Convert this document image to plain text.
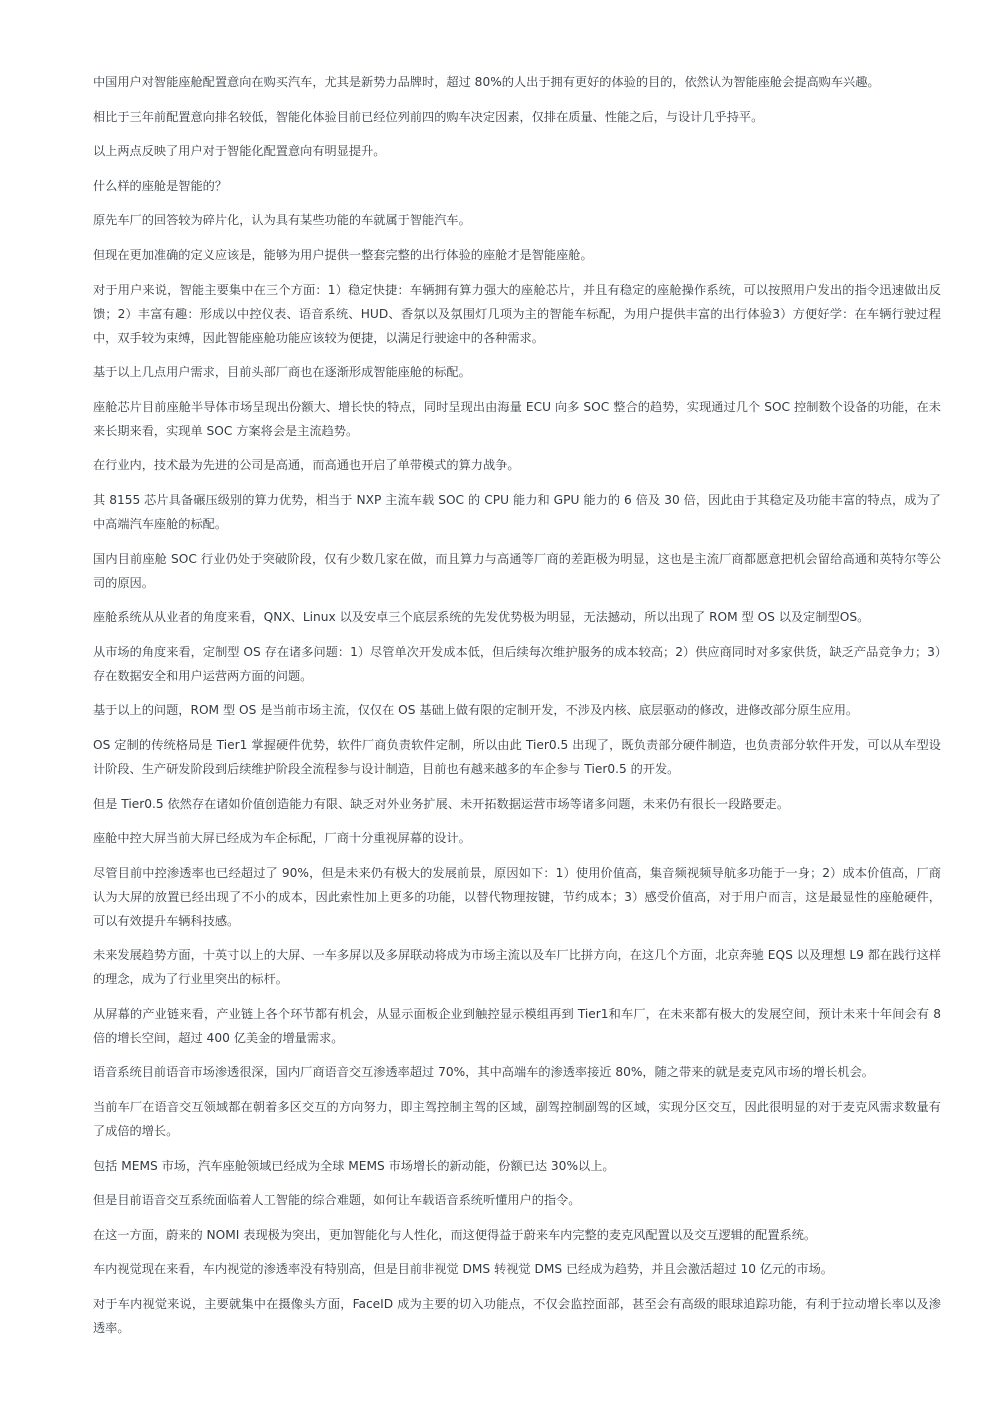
中国用户对智能座舱配置意向在购买汽车，尤其是新势力品牌时，超过 80%的人出于拥有更好的体验的目的，依然认为智能座舱会提高购车兴趣。

相比于三年前配置意向排名较低，智能化体验目前已经位列前四的购车决定因素，仅排在质量、性能之后，与设计几乎持平。

以上两点反映了用户对于智能化配置意向有明显提升。

什么样的座舱是智能的？

原先车厂的回答较为碎片化，认为具有某些功能的车就属于智能汽车。

但现在更加准确的定义应该是，能够为用户提供一整套完整的出行体验的座舱才是智能座舱。

对于用户来说，智能主要集中在三个方面：1）稳定快捷：车辆拥有算力强大的座舱芯片，并且有稳定的座舱操作系统，可以按照用户发出的指令迅速做出反馈；2）丰富有趣：形成以中控仪表、语音系统、HUD、香氛以及氛围灯几项为主的智能车标配，为用户提供丰富的出行体验3）方便好学：在车辆行驶过程中，双手较为束缚，因此智能座舱功能应该较为便捷，以满足行驶途中的各种需求。

基于以上几点用户需求，目前头部厂商也在逐渐形成智能座舱的标配。

座舱芯片目前座舱半导体市场呈现出份额大、增长快的特点，同时呈现出由海量 ECU 向多 SOC 整合的趋势，实现通过几个 SOC 控制数个设备的功能，在未来长期来看，实现单 SOC 方案将会是主流趋势。

在行业内，技术最为先进的公司是高通，而高通也开启了单带模式的算力战争。

其 8155 芯片具备碾压级别的算力优势，相当于 NXP 主流车载 SOC 的 CPU 能力和 GPU 能力的 6 倍及 30 倍，因此由于其稳定及功能丰富的特点，成为了中高端汽车座舱的标配。

国内目前座舱 SOC 行业仍处于突破阶段，仅有少数几家在做，而且算力与高通等厂商的差距极为明显，这也是主流厂商都愿意把机会留给高通和英特尔等公司的原因。

座舱系统从从业者的角度来看，QNX、Linux 以及安卓三个底层系统的先发优势极为明显，无法撼动，所以出现了 ROM 型 OS 以及定制型OS。

从市场的角度来看，定制型 OS 存在诸多问题：1）尽管单次开发成本低，但后续每次维护服务的成本较高；2）供应商同时对多家供货，缺乏产品竞争力；3）存在数据安全和用户运营两方面的问题。

基于以上的问题，ROM 型 OS 是当前市场主流，仅仅在 OS 基础上做有限的定制开发，不涉及内核、底层驱动的修改，进修改部分原生应用。

OS 定制的传统格局是 Tier1 掌握硬件优势，软件厂商负责软件定制，所以由此 Tier0.5 出现了，既负责部分硬件制造，也负责部分软件开发，可以从车型设计阶段、生产研发阶段到后续维护阶段全流程参与设计制造，目前也有越来越多的车企参与 Tier0.5 的开发。

但是 Tier0.5 依然存在诸如价值创造能力有限、缺乏对外业务扩展、未开拓数据运营市场等诸多问题，未来仍有很长一段路要走。

座舱中控大屏当前大屏已经成为车企标配，厂商十分重视屏幕的设计。

尽管目前中控渗透率也已经超过了 90%，但是未来仍有极大的发展前景，原因如下：1）使用价值高，集音频视频导航多功能于一身；2）成本价值高，厂商认为大屏的放置已经出现了不小的成本，因此索性加上更多的功能，以替代物理按键，节约成本；3）感受价值高，对于用户而言，这是最显性的座舱硬件，可以有效提升车辆科技感。

未来发展趋势方面，十英寸以上的大屏、一车多屏以及多屏联动将成为市场主流以及车厂比拼方向，在这几个方面，北京奔驰 EQS 以及理想 L9 都在践行这样的理念，成为了行业里突出的标杆。

从屏幕的产业链来看，产业链上各个环节都有机会，从显示面板企业到触控显示模组再到 Tier1和车厂，在未来都有极大的发展空间，预计未来十年间会有 8 倍的增长空间，超过 400 亿美金的增量需求。

语音系统目前语音市场渗透很深，国内厂商语音交互渗透率超过 70%，其中高端车的渗透率接近 80%，随之带来的就是麦克风市场的增长机会。

当前车厂在语音交互领域都在朝着多区交互的方向努力，即主驾控制主驾的区域，副驾控制副驾的区域，实现分区交互，因此很明显的对于麦克风需求数量有了成倍的增长。

包括 MEMS 市场，汽车座舱领域已经成为全球 MEMS 市场增长的新动能，份额已达 30%以上。

但是目前语音交互系统面临着人工智能的综合难题，如何让车载语音系统听懂用户的指令。

在这一方面，蔚来的 NOMI 表现极为突出，更加智能化与人性化，而这便得益于蔚来车内完整的麦克风配置以及交互逻辑的配置系统。

车内视觉现在来看，车内视觉的渗透率没有特别高，但是目前非视觉 DMS 转视觉 DMS 已经成为趋势，并且会激活超过 10 亿元的市场。

对于车内视觉来说，主要就集中在摄像头方面，FaceID 成为主要的切入功能点，不仅会监控面部，甚至会有高级的眼球追踪功能，有利于拉动增长率以及渗透率。
